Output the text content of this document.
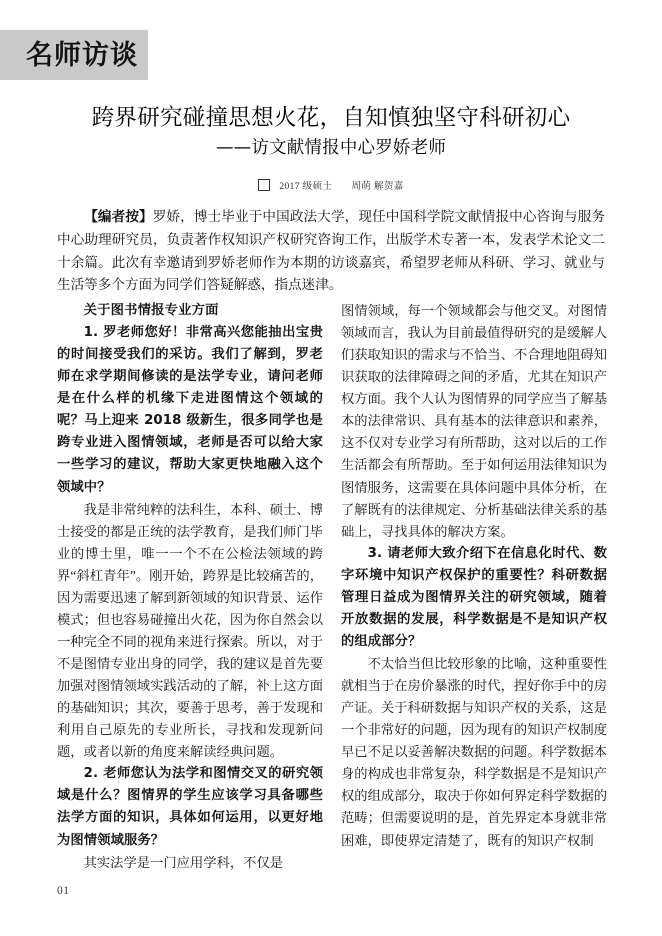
名师访谈
跨界研究碰撞思想火花，自知慎独坚守科研初心
——访文献情报中心罗娇老师
2017 级硕士 周萌 解贺嘉
【编者按】罗娇，博士毕业于中国政法大学，现任中国科学院文献情报中心咨询与服务中心助理研究员，负责著作权知识产权研究咨询工作，出版学术专著一本，发表学术论文二十余篇。此次有幸邀请到罗娇老师作为本期的访谈嘉宾，希望罗老师从科研、学习、就业与生活等多个方面为同学们答疑解惑，指点迷津。

关于图书情报专业方面

1. 罗老师您好！非常高兴您能抽出宝贵的时间接受我们的采访。我们了解到，罗老师在求学期间修读的是法学专业，请问老师是在什么样的机缘下走进图情这个领域的呢？马上迎来 2018 级新生，很多同学也是跨专业进入图情领域，老师是否可以给大家一些学习的建议，帮助大家更快地融入这个领域中？

我是非常纯粹的法科生，本科、硕士、博士接受的都是正统的法学教育，是我们师门毕业的博士里，唯一一个不在公检法领域的跨界“斜杠青年”。刚开始，跨界是比较痛苦的，因为需要迅速了解到新领域的知识背景、运作模式；但也容易碰撞出火花，因为你自然会以一种完全不同的视角来进行探索。所以，对于不是图情专业出身的同学，我的建议是首先要加强对图情领域实践活动的了解，补上这方面的基础知识；其次，要善于思考，善于发现和利用自己原先的专业所长，寻找和发现新问题，或者以新的角度来解读经典问题。

2. 老师您认为法学和图情交叉的研究领域是什么？图情界的学生应该学习具备哪些法学方面的知识，具体如何运用，以更好地为图情领域服务？

其实法学是一门应用学科，不仅是

图情领域，每一个领域都会与他交叉。对图情领域而言，我认为目前最值得研究的是缓解人们获取知识的需求与不恰当、不合理地阻碍知识获取的法律障碍之间的矛盾，尤其在知识产权方面。我个人认为图情界的同学应当了解基本的法律常识、具有基本的法律意识和素养，这不仅对专业学习有所帮助，这对以后的工作生活都会有所帮助。至于如何运用法律知识为图情服务，这需要在具体问题中具体分析，在了解既有的法律规定、分析基础法律关系的基础上，寻找具体的解决方案。

3. 请老师大致介绍下在信息化时代、数字环境中知识产权保护的重要性？科研数据管理日益成为图情界关注的研究领域，随着开放数据的发展，科学数据是不是知识产权的组成部分？

不太恰当但比较形象的比喻，这种重要性就相当于在房价暴涨的时代，捏好你手中的房产证。关于科研数据与知识产权的关系，这是一个非常好的问题，因为现有的知识产权制度早已不足以妥善解决数据的问题。科学数据本身的构成也非常复杂，科学数据是不是知识产权的组成部分，取决于你如何界定科学数据的范畴；但需要说明的是，首先界定本身就非常困难，即使界定清楚了，既有的知识产权制

01
